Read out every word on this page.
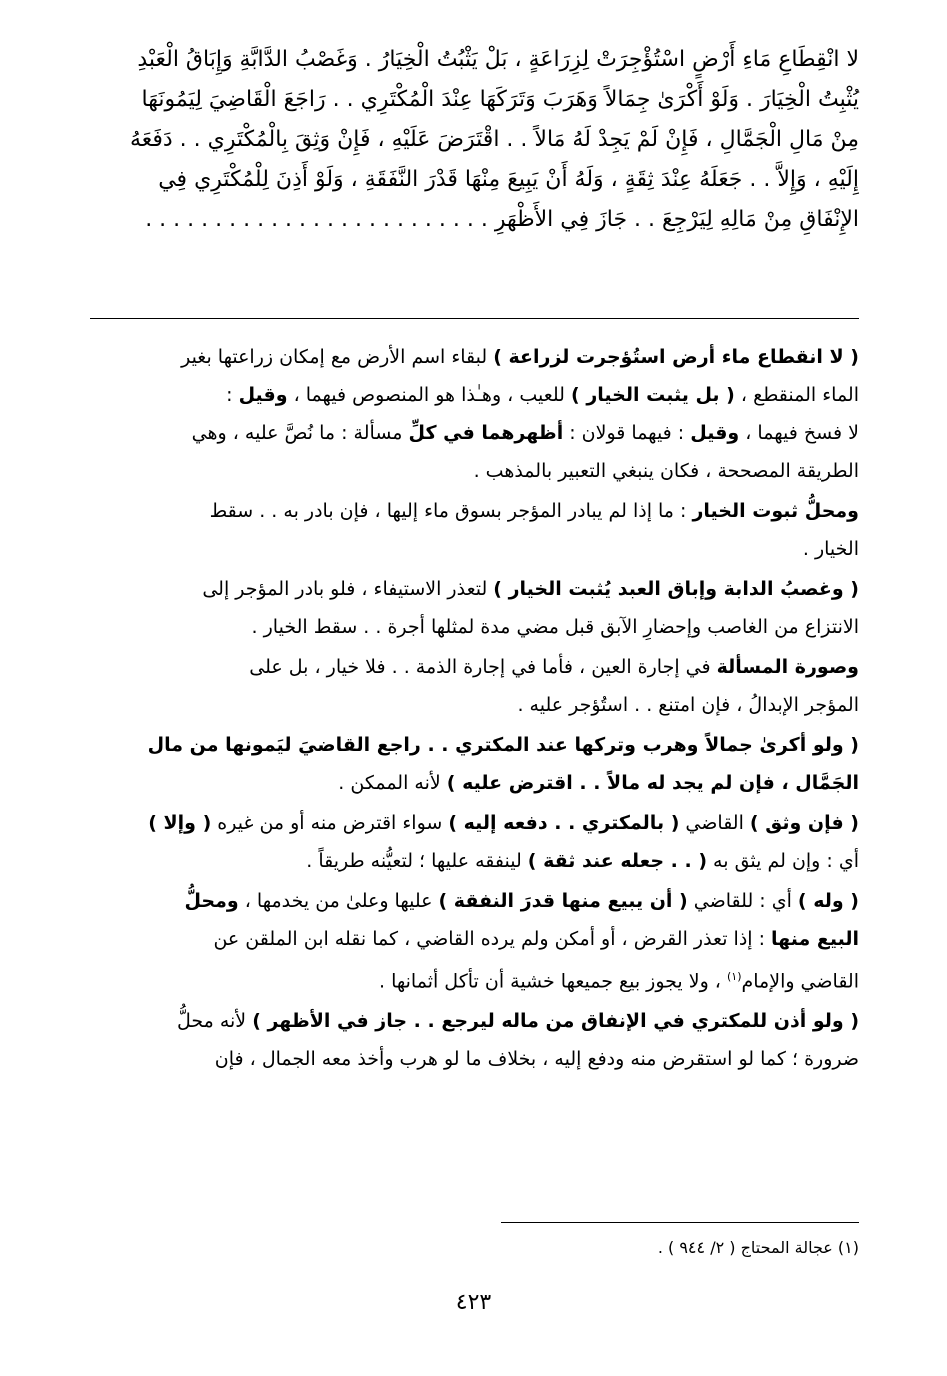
لا انْقِطَاعِ مَاءِ أَرْضٍ اسْتُؤْجِرَتْ لِزِرَاعَةٍ ، بَلْ يَثْبُتُ الْخِيَارُ . وَغَصْبُ الدَّابَّةِ وَإِبَاقُ الْعَبْدِ
يُثْبِتُ الْخِيَارَ . وَلَوْ أَكْرَىٰ جِمَالاً وَهَرَبَ وَتَرَكَهَا عِنْدَ الْمُكْتَرِي . . رَاجَعَ الْقَاضِيَ لِيَمُونَهَا
مِنْ مَالِ الْجَمَّالِ ، فَإِنْ لَمْ يَجِدْ لَهُ مَالاً . . اقْتَرَضَ عَلَيْهِ ، فَإِنْ وَثِقَ بِالْمُكْتَرِي . . دَفَعَهُ
إِلَيْهِ ، وَإِلاَّ . . جَعَلَهُ عِنْدَ ثِقَةٍ ، وَلَهُ أَنْ يَبِيعَ مِنْهَا قَدْرَ النَّفَقَةِ ، وَلَوْ أَذِنَ لِلْمُكْتَرِي فِي
الإِنْفَاقِ مِنْ مَالِهِ لِيَرْجِعَ . . جَازَ فِي الأَظْهَرِ . . . . . . . . . . . . . . . . . . . . . . . . .

( لا انقطاع ماء أرض استُؤجرت لزراعة ) لبقاء اسم الأرض مع إمكان زراعتها بغير
الماء المنقطع ، ( بل يثبت الخيار ) للعيب ، وهـٰذا هو المنصوص فيهما ، وقيل :
لا فسخ فيهما ، وقيل : فيهما قولان : أظهرهما في كلِّ مسألة : ما نُصَّ عليه ، وهي
الطريقة المصححة ، فكان ينبغي التعبير بالمذهب .

ومحلُّ ثبوت الخيار : ما إذا لم يبادر المؤجر بسوق ماء إليها ، فإن بادر به . . سقط
الخيار .

( وغصبُ الدابة وإباق العبد يُثبت الخيار ) لتعذر الاستيفاء ، فلو بادر المؤجر إلى
الانتزاع من الغاصب وإحضارِ الآبق قبل مضي مدة لمثلها أجرة . . سقط الخيار .

وصورة المسألة في إجارة العين ، فأما في إجارة الذمة . . فلا خيار ، بل على
المؤجر الإبدالُ ، فإن امتنع . . استُؤجر عليه .

( ولو أكرىٰ جمالاً وهرب وتركها عند المكتري . . راجع القاضيَ ليَمونها من مال
الجَمَّال ، فإن لم يجد له مالاً . . اقترض عليه ) لأنه الممكن .

( فإن وثق ) القاضي ( بالمكتري . . دفعه إليه ) سواء اقترض منه أو من غيره ( وإلا )
أي : وإن لم يثق به ( . . جعله عند ثقة ) لينفقه عليها ؛ لتعيُّنه طريقاً .

( وله ) أي : للقاضي ( أن يبيع منها قدرَ النفقة ) عليها وعلىٰ من يخدمها ، ومحلُّ
البيع منها : إذا تعذر القرض ، أو أمكن ولم يرده القاضي ، كما نقله ابن الملقن عن
القاضي والإمام$^{(١)}$ ، ولا يجوز بيع جميعها خشية أن تأكل أثمانها .

( ولو أذن للمكتري في الإنفاق من ماله ليرجع . . جاز في الأظهر ) لأنه محلُّ
ضرورة ؛ كما لو استقرض منه ودفع إليه ، بخلاف ما لو هرب وأخذ معه الجمال ، فإن

(١) عجالة المحتاج ( ٢/ ٩٤٤ ) .
٤٢٣
